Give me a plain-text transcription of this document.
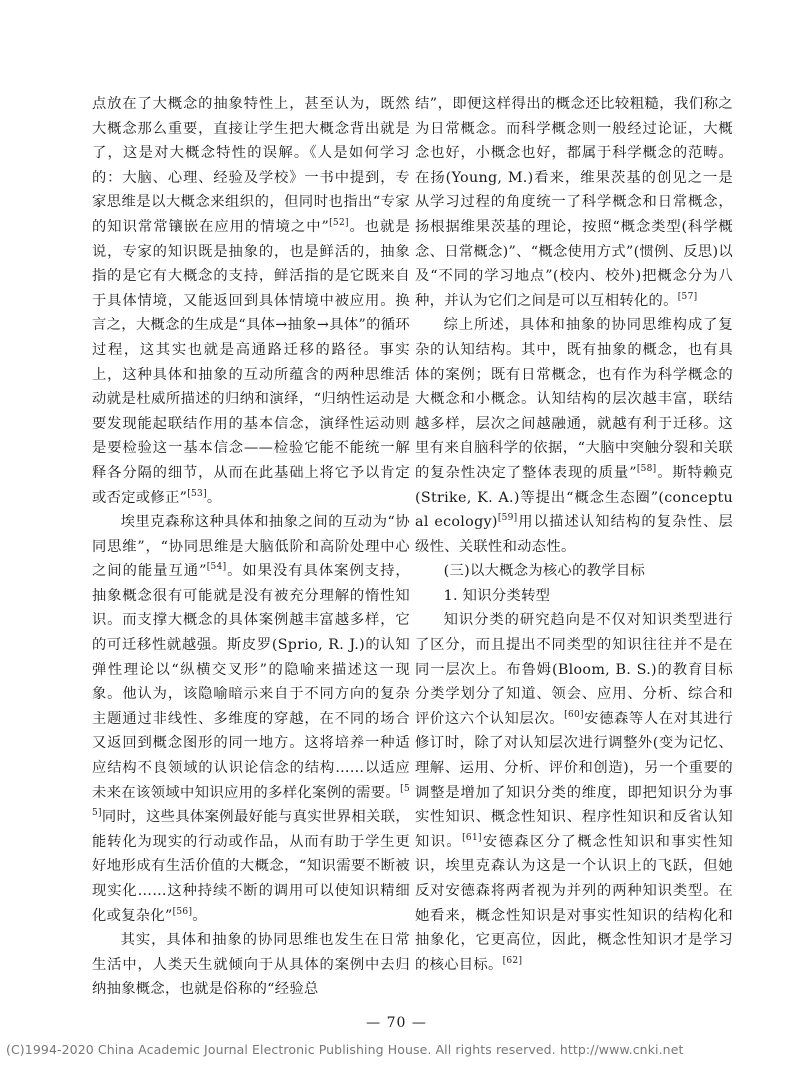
点放在了大概念的抽象特性上，甚至认为，既然大概念那么重要，直接让学生把大概念背出就是了，这是对大概念特性的误解。《人是如何学习的：大脑、心理、经验及学校》一书中提到，专家思维是以大概念来组织的，但同时也指出“专家的知识常常镶嵌在应用的情境之中”[52]。也就是说，专家的知识既是抽象的，也是鲜活的，抽象指的是它有大概念的支持，鲜活指的是它既来自于具体情境，又能返回到具体情境中被应用。换言之，大概念的生成是“具体→抽象→具体”的循环过程，这其实也就是高通路迁移的路径。事实上，这种具体和抽象的互动所蕴含的两种思维活动就是杜威所描述的归纳和演绎，“归纳性运动是要发现能起联结作用的基本信念，演绎性运动则是要检验这一基本信念——检验它能不能统一解释各分隔的细节，从而在此基础上将它予以肯定或否定或修正”[53]。

埃里克森称这种具体和抽象之间的互动为“协同思维”，“协同思维是大脑低阶和高阶处理中心之间的能量互通”[54]。如果没有具体案例支持，抽象概念很有可能就是没有被充分理解的惰性知识。而支撑大概念的具体案例越丰富越多样，它的可迁移性就越强。斯皮罗(Sprio, R. J.)的认知弹性理论以“纵横交叉形”的隐喻来描述这一现象。他认为，该隐喻暗示来自于不同方向的复杂主题通过非线性、多维度的穿越，在不同的场合又返回到概念图形的同一地方。这将培养一种适应结构不良领域的认识论信念的结构……以适应未来在该领域中知识应用的多样化案例的需要。[55]同时，这些具体案例最好能与真实世界相关联，能转化为现实的行动或作品，从而有助于学生更好地形成有生活价值的大概念，“知识需要不断被现实化……这种持续不断的调用可以使知识精细化或复杂化”[56]。

其实，具体和抽象的协同思维也发生在日常生活中，人类天生就倾向于从具体的案例中去归纳抽象概念，也就是俗称的“经验总

结”，即便这样得出的概念还比较粗糙，我们称之为日常概念。而科学概念则一般经过论证，大概念也好，小概念也好，都属于科学概念的范畴。在扬(Young, M.)看来，维果茨基的创见之一是从学习过程的角度统一了科学概念和日常概念，扬根据维果茨基的理论，按照“概念类型(科学概念、日常概念)”、“概念使用方式”(惯例、反思)以及“不同的学习地点”(校内、校外)把概念分为八种，并认为它们之间是可以互相转化的。[57]

综上所述，具体和抽象的协同思维构成了复杂的认知结构。其中，既有抽象的概念，也有具体的案例；既有日常概念，也有作为科学概念的大概念和小概念。认知结构的层次越丰富，联结越多样，层次之间越融通，就越有利于迁移。这里有来自脑科学的依据，“大脑中突触分裂和关联的复杂性决定了整体表现的质量”[58]。斯特赖克(Strike, K. A.)等提出“概念生态圈”(conceptual ecology)[59]用以描述认知结构的复杂性、层级性、关联性和动态性。

(三)以大概念为核心的教学目标

1. 知识分类转型

知识分类的研究趋向是不仅对知识类型进行了区分，而且提出不同类型的知识往往并不是在同一层次上。布鲁姆(Bloom, B. S.)的教育目标分类学划分了知道、领会、应用、分析、综合和评价这六个认知层次。[60]安德森等人在对其进行修订时，除了对认知层次进行调整外(变为记忆、理解、运用、分析、评价和创造)，另一个重要的调整是增加了知识分类的维度，即把知识分为事实性知识、概念性知识、程序性知识和反省认知知识。[61]安德森区分了概念性知识和事实性知识，埃里克森认为这是一个认识上的飞跃，但她反对安德森将两者视为并列的两种知识类型。在她看来，概念性知识是对事实性知识的结构化和抽象化，它更高位，因此，概念性知识才是学习的核心目标。[62]

— 70 —
(C)1994-2020 China Academic Journal Electronic Publishing House. All rights reserved. http://www.cnki.net
